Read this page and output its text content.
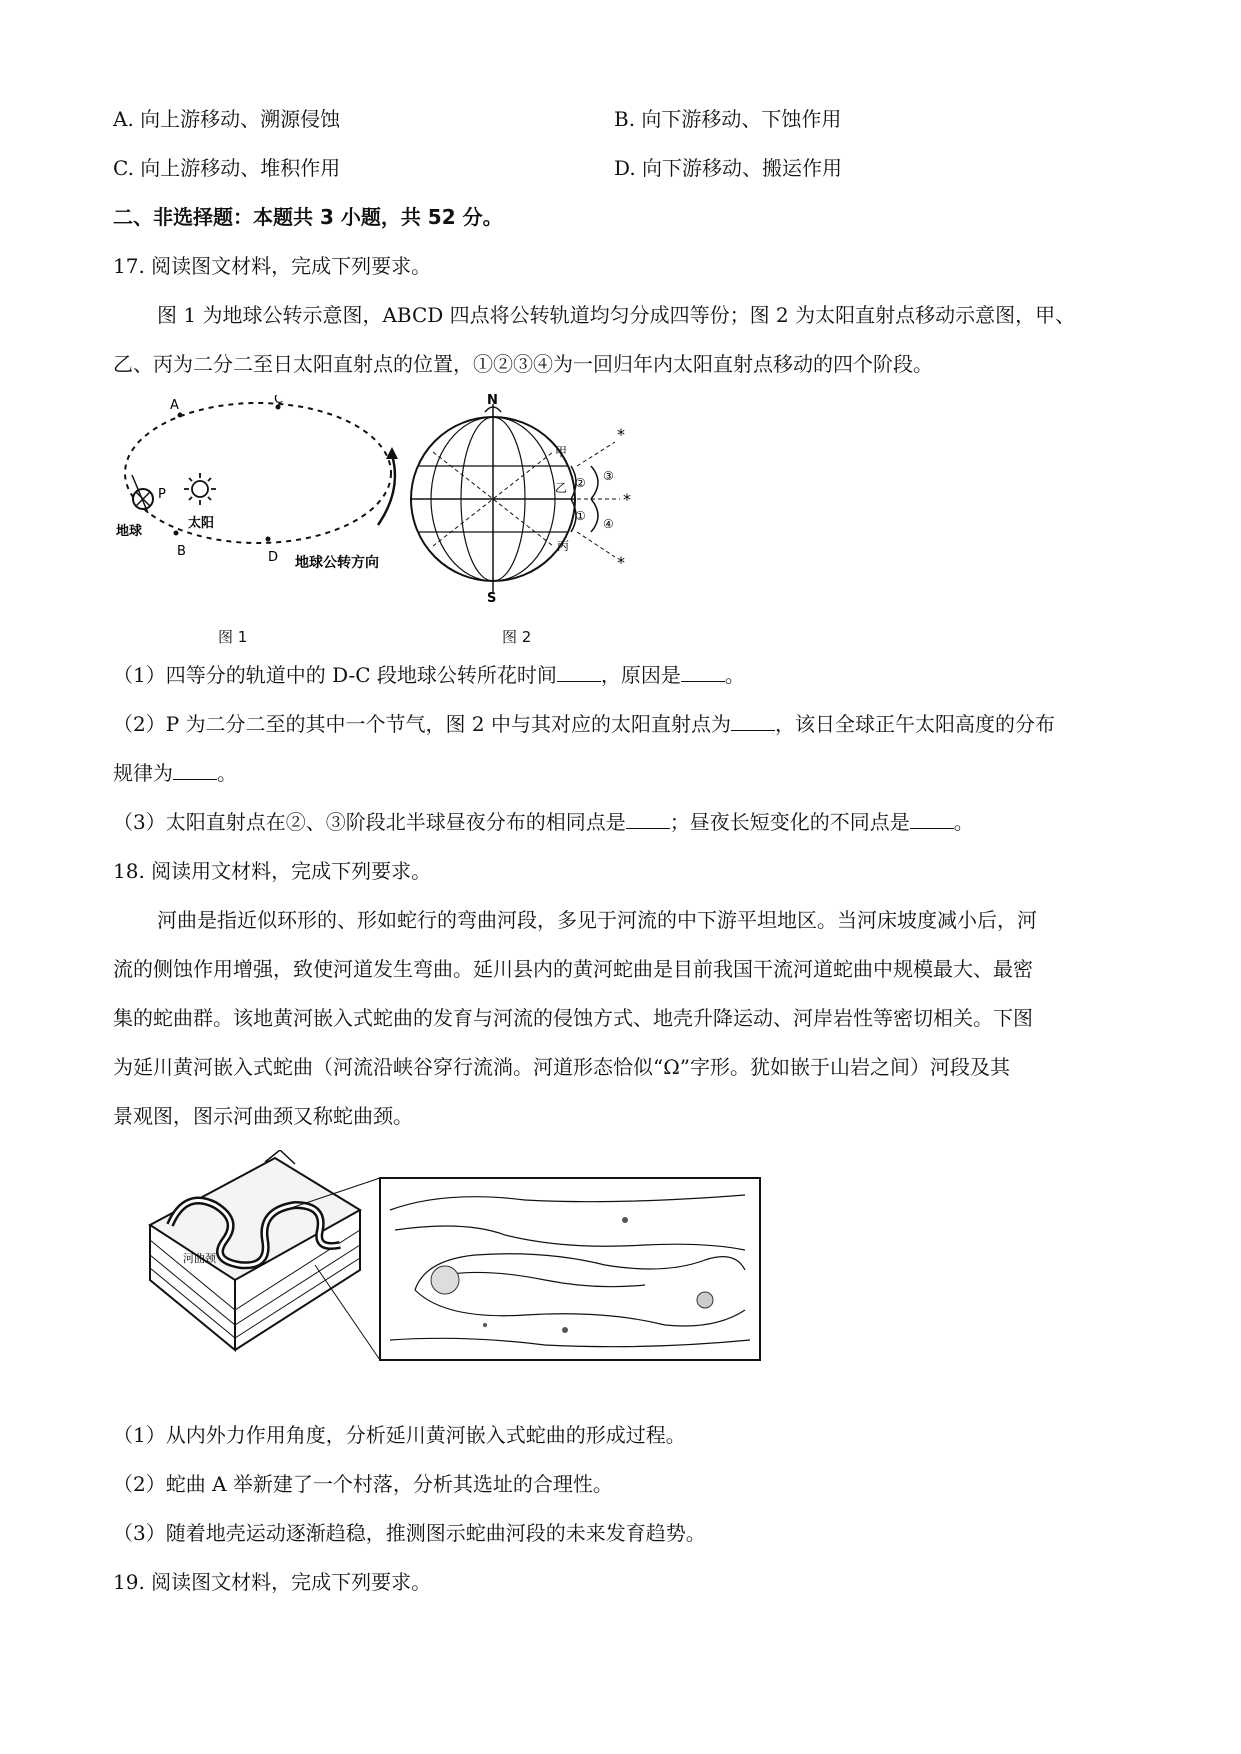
A. 向上游移动、溯源侵蚀	B. 向下游移动、下蚀作用
C. 向上游移动、堆积作用	D. 向下游移动、搬运作用
二、非选择题：本题共 3 小题，共 52 分。
17. 阅读图文材料，完成下列要求。
图 1 为地球公转示意图，ABCD 四点将公转轨道均匀分成四等份；图 2 为太阳直射点移动示意图，甲、
乙、丙为二分二至日太阳直射点的位置，①②③④为一回归年内太阳直射点移动的四个阶段。
A	C
B	D
P
地球
太阳
地球公转方向
图 1
N
S
*
*
*
甲
乙
丙
②
①
③
④
图 2
（1）四等分的轨道中的 D-C 段地球公转所花时间 ，原因是 。
（2）P 为二分二至的其中一个节气，图 2 中与其对应的太阳直射点为 ，该日全球正午太阳高度的分布
规律为 。
（3）太阳直射点在②、③阶段北半球昼夜分布的相同点是 ；昼夜长短变化的不同点是 。
18. 阅读用文材料，完成下列要求。
河曲是指近似环形的、形如蛇行的弯曲河段，多见于河流的中下游平坦地区。当河床坡度减小后，河
流的侧蚀作用增强，致使河道发生弯曲。延川县内的黄河蛇曲是目前我国干流河道蛇曲中规模最大、最密
集的蛇曲群。该地黄河嵌入式蛇曲的发育与河流的侵蚀方式、地壳升降运动、河岸岩性等密切相关。下图
为延川黄河嵌入式蛇曲（河流沿峡谷穿行流淌。河道形态恰似“Ω”字形。犹如嵌于山岩之间）河段及其
景观图，图示河曲颈又称蛇曲颈。
河曲颈
（1）从内外力作用角度，分析延川黄河嵌入式蛇曲的形成过程。
（2）蛇曲 A 举新建了一个村落，分析其选址的合理性。
（3）随着地壳运动逐渐趋稳，推测图示蛇曲河段的未来发育趋势。
19. 阅读图文材料，完成下列要求。
